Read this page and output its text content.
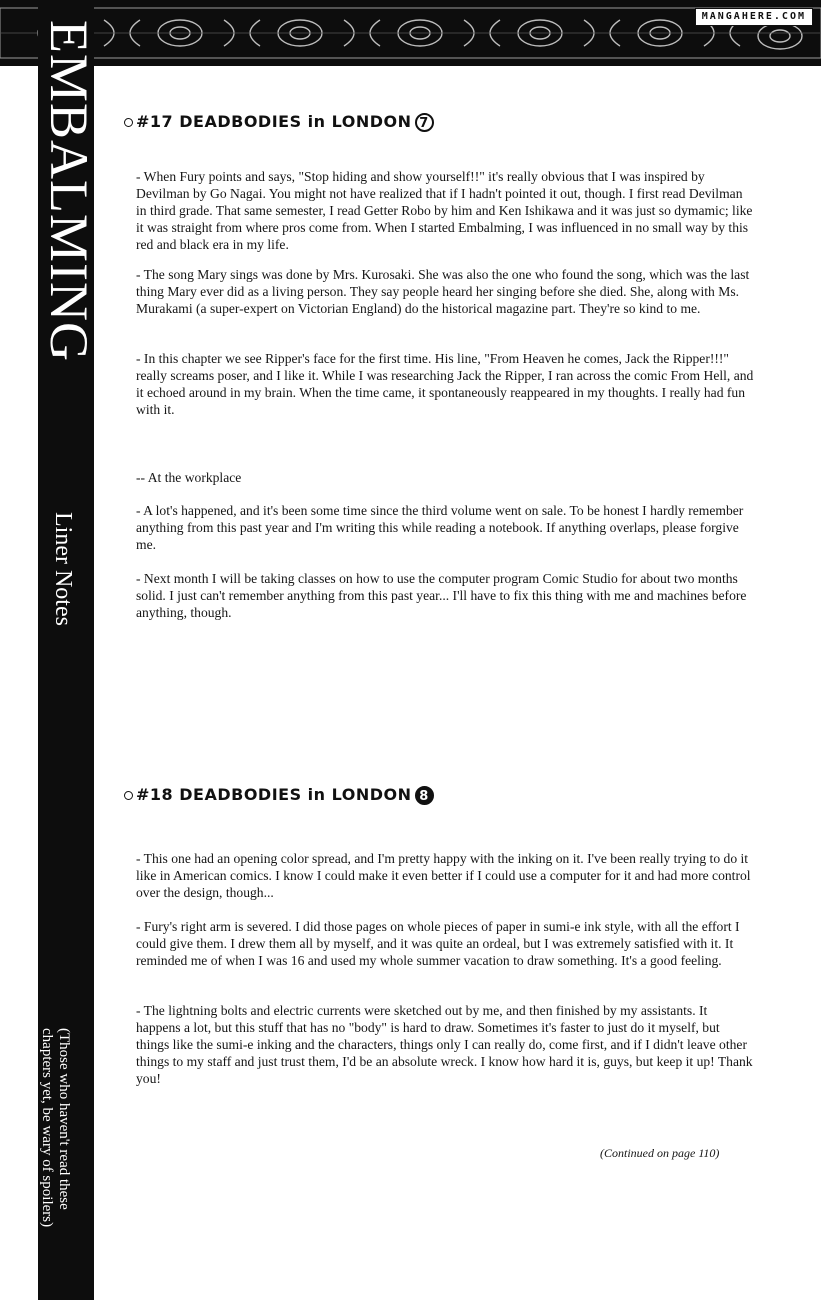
MANGAHERE.COM
EMBALMING
Liner Notes
(Those who haven't read these chapters yet, be wary of spoilers)
#17 DEADBODIES in LONDON 7

- When Fury points and says, "Stop hiding and show yourself!!" it's really obvious that I was inspired by Devilman by Go Nagai. You might not have realized that if I hadn't pointed it out, though. I first read Devilman in third grade. That same semester, I read Getter Robo by him and Ken Ishikawa and it was just so dymamic; like it was straight from where pros come from. When I started Embalming, I was influenced in no small way by this red and black era in my life.

- The song Mary sings was done by Mrs. Kurosaki. She was also the one who found the song, which was the last thing Mary ever did as a living person. They say people heard her singing before she died. She, along with Ms. Murakami (a super-expert on Victorian England) do the historical magazine part. They're so kind to me.

- In this chapter we see Ripper's face for the first time. His line, "From Heaven he comes, Jack the Ripper!!!" really screams poser, and I like it. While I was researching Jack the Ripper, I ran across the comic From Hell, and it echoed around in my brain. When the time came, it spontaneously reappeared in my thoughts. I really had fun with it.

-- At the workplace

- A lot's happened, and it's been some time since the third volume went on sale. To be honest I hardly remember anything from this past year and I'm writing this while reading a notebook. If anything overlaps, please forgive me.

- Next month I will be taking classes on how to use the computer program Comic Studio for about two months solid. I just can't remember anything from this past year... I'll have to fix this thing with me and machines before anything, though.

#18 DEADBODIES in LONDON 8

- This one had an opening color spread, and I'm pretty happy with the inking on it. I've been really trying to do it like in American comics. I know I could make it even better if I could use a computer for it and had more control over the design, though...

- Fury's right arm is severed. I did those pages on whole pieces of paper in sumi-e ink style, with all the effort I could give them. I drew them all by myself, and it was quite an ordeal, but I was extremely satisfied with it. It reminded me of when I was 16 and used my whole summer vacation to draw something. It's a good feeling.

- The lightning bolts and electric currents were sketched out by me, and then finished by my assistants. It happens a lot, but this stuff that has no "body" is hard to draw. Sometimes it's faster to just do it myself, but things like the sumi-e inking and the characters, things only I can really do, come first, and if I didn't leave other things to my staff and just trust them, I'd be an absolute wreck. I know how hard it is, guys, but keep it up! Thank you!

(Continued on page 110)
